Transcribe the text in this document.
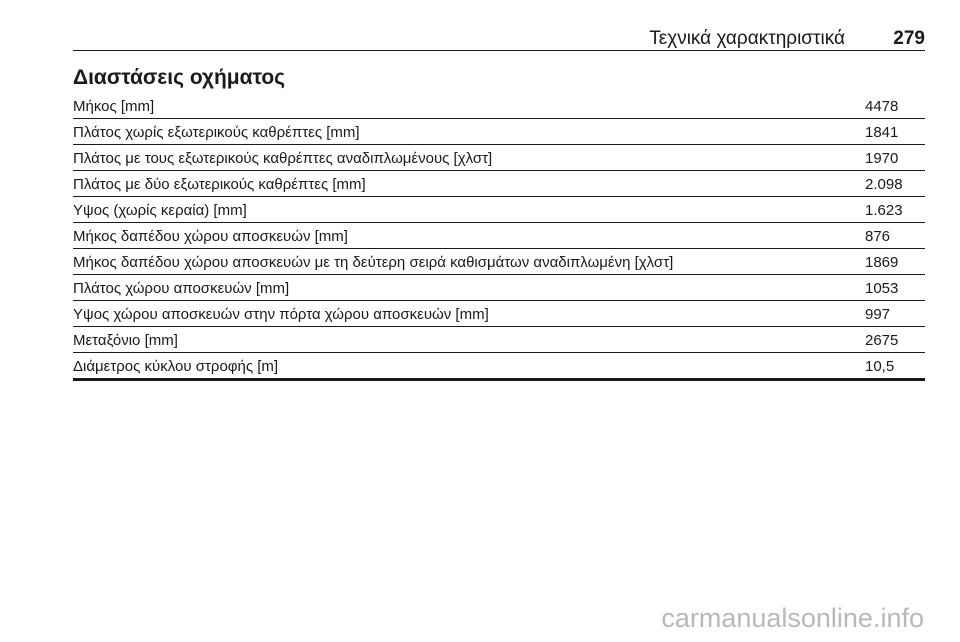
Τεχνικά χαρακτηριστικά	279
Διαστάσεις οχήματος
Μήκος [mm]	4478
Πλάτος χωρίς εξωτερικούς καθρέπτες [mm]	1841
Πλάτος με τους εξωτερικούς καθρέπτες αναδιπλωμένους [χλστ]	1970
Πλάτος με δύο εξωτερικούς καθρέπτες [mm]	2.098
Υψος (χωρίς κεραία) [mm]	1.623
Μήκος δαπέδου χώρου αποσκευών [mm]	876
Μήκος δαπέδου χώρου αποσκευών με τη δεύτερη σειρά καθισμάτων αναδιπλωμένη [χλστ]	1869
Πλάτος χώρου αποσκευών [mm]	1053
Υψος χώρου αποσκευών στην πόρτα χώρου αποσκευών [mm]	997
Μεταξόνιο [mm]	2675
Διάμετρος κύκλου στροφής [m]	10,5
carmanualsonline.info
